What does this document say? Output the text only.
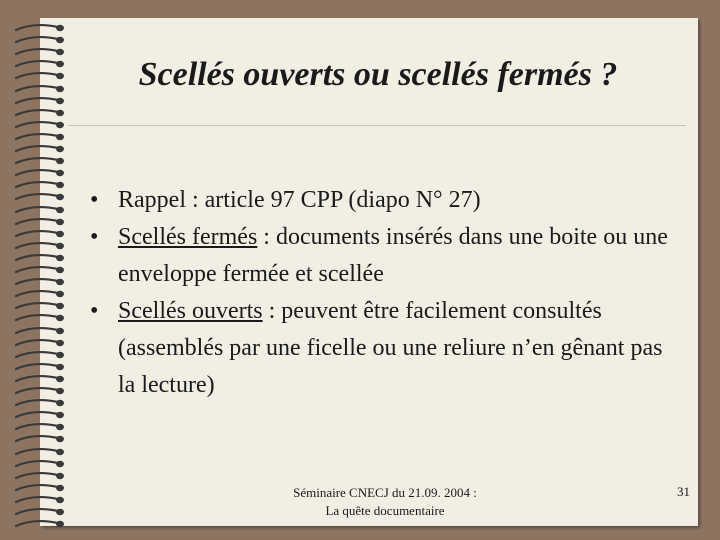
Scellés ouverts ou scellés fermés ?
• Rappel : article 97 CPP (diapo N° 27)
• Scellés fermés : documents insérés dans une boite ou une enveloppe fermée et scellée
• Scellés ouverts : peuvent être facilement consultés (assemblés par une ficelle ou une reliure n’en gênant pas la lecture)
Séminaire CNECJ du 21.09. 2004 :
La quête documentaire
31
